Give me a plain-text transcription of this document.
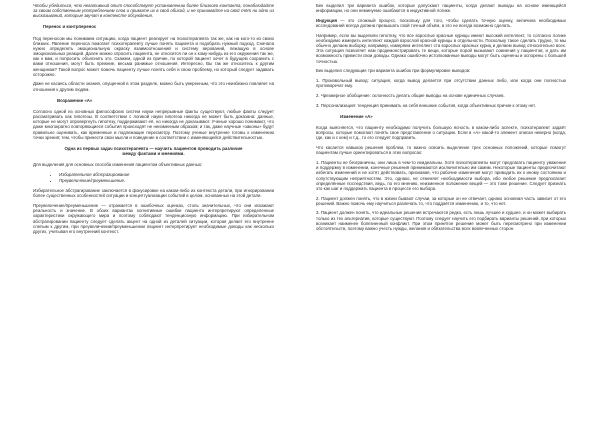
Чтобы убедиться, что негативный опыт способствует уcтановлению более близкого контакта, понаблюдайте за своим собственным употреблением слов и примите их в свой обиход, и не принимайте на свой счёт ни одно из высказываний, которые звучат в контексте обсуждения.

Перенос и контрперенос

Под переносом мы понимаем ситуацию, когда пациент реагирует на психотерапевта так же, как на кого-то из своих близких. Явление переноса помогает психотерапевту лучше понять пациента и подобрать нужный подход. Сначала нужно определить эмоциональную окраску взаимоотношений и систему верований, лежащую в основе эмоциональных реакций. Далее можно спросить пациента, не относится ли он к кому-нибудь из его окружения так же, как к вам, и попросить объяснить это. Скажем, одной из причин, по которой пациент хочет в будущем сохранить с вами отношения, могут быть прежние, весьма ранимые отношения. Интересно, Вы так же относитесь к другим женщинам? Такой вопрос может помочь пациенту лучше понять себя и свою проблему, но который следует задавать осторожно.

Даже не касаясь области знания, опущенной в этом разделе, можно быть уверенным, что это неизбежно повлияет на отношения к другим людям.

Возражение «A»

Согласно одной из основных философских систем науки непрерывные факты существуют, любые факты следует рассматривать как гипотезы. В соответствии с логикой науки гипотеза никогда не может быть доказана: данные, которые не могут опровергнуть гипотезу, поддерживают её, но никогда не доказывают. Ученые хорошо понимают, что даже многократно повторяющиеся события происходят не неизменным образом; и так, даже научные «законы» будут правильно оценивать, как временные и подлежащие пересмотру. Поэтому ученые внутренне готовы к изменению точки зрения; тем, чтобы принести свои мысли и поведение в соответствии с изменяющейся действительностью.

Одна из первых задач психотерапевта — научить пациентов проводить различие между фактами и мнениями.

Для выделения для основных способа изменения пациентом объективных данных:

• Избирательное абстрагирование
• Преувеличение/преуменьшение.

Избирательное абстрагирование заключается в фокусировке на каком-либо из контекста детали, при игнорировании более существенных особенностей ситуации и концептуализации событий в целом, основанных на этой детали.

Преувеличение/преуменьшение — отражается в ошибочных оценках, столь значительных, что они искажают реальность и значение. В обоих вариантах когнитивные ошибки пациента интерпретируют определенные характеристики окружающего мира и поэтому соблюдают тенденциозную информацию. При избирательном абстрагировании пациенту следует сделать акцент на одной из деталей ситуации, которая делает его внутренне слепым к другим, при преувеличении/преуменьшении пациент интерпретирует необходимые доводы как несколько других, учитывая его внутренний контекст.

Бек выделил три варианта ошибок, которые допускают пациенты, когда делают выводы на основе имеющейся информации, но они неминуемо ошибаются в индуктивной логике.

Индукция — это сложный процесс, поскольку для того, чтобы сделать точную оценку, величина необходимых исследований всегда должна превышать свой точный объём, а это не всегда возможно сделать.

Например, если вы выделили гипотезу, что все взрослые красные курицы имеют высокий интеллект, то согласно логике необходимо измерить интеллект каждой взрослой красной курицы в отдельности. Поскольку такое сделать трудно, то мы обычно делаем выборку, например, измеряем интеллект ста взрослых красных куриц и делаем вывод относительно всех. Эта ситуация позволяет нам продемонстрировать те вещи, которые порой вызывают сомнения у пациентов, и дать им возможность привести свои доводы. Однако ошибочно истолкованные выводы могут быть оценены и оспорены с большей точностью.

Бек выделил следующие три варианта ошибок при формулировке выводов:

1. Произвольный вывод: ситуация, когда вывод делается при отсутствии данных либо, или когда они полностью противоречат ему.

2. Чрезмерное обобщение: склонность делать общие выводы на основе единичных случаев.

3. Персонализация: тенденция принимать на себя внешние события, когда объективных причин к этому нет.

Изменение «A»

Когда выясняется, что пациенту необходимо получить большую ясность в каком-либо аспекте, психотерапевт задаёт вопросы, которые помогают понять свое представление о ситуации. Если в «А» какой-то элемент описан неверно (когда, где, как и с кем) и т.д., то его следует подправить.

Что касается навыков решения проблем, то важно освоить выделение трех основных положений, которые помогут пациентам лучше ориентироваться в этих вопросах:

1. Пациенты не безграничны, они лишь в чем-то неидеальны. Хотя психотерапевты могут предлагать пациенту уважение и поддержку в изменении, конечные решения принимаются исключительно им самим. Некоторые пациенты предпочитают избегать изменений и не хотят действовать, признавая, что рабочие изменения могут приводить их к иному состоянию и сопутствующим неприятностям. Это, однако, не отменяет необходимости выбора, ибо любое решение предполагает определённые последствия, ведь, по его мнению, неизменное положение вещей — это тоже решение. Следует признать это как шаг и поддержать пациента в процессе его выбора.

2. Пациент должен понять, что в жизни бывают случаи, за которые он не отвечает, однако основная часть зависит от его решений. Важно помочь ему научиться различать то, что поддаётся изменению, и то, что нет.

3. Пациент должен понять, что идеальные решения встречаются редко, есть лишь лучшее и худшее, и он может выбирать только из тех альтернатив, которые существуют. Поэтому следует научить его подбирать варианты решений, при которых возникает наименее болезненный конфликт. При этом принятое решение может быть пересмотрено при изменении обстоятельств, поэтому важно учесть нужды, желания и обязательства всех вовлеченных сторон.
